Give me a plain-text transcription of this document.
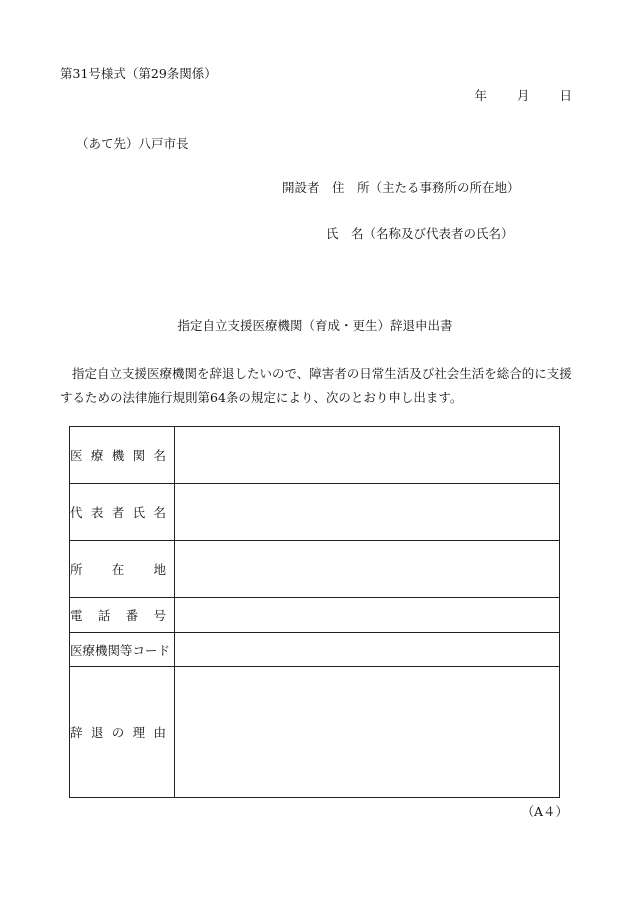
第31号様式（第29条関係）
年 月 日
（あて先）八戸市長
開設者　住　所（主たる事務所の所在地）
氏　名（名称及び代表者の氏名）
指定自立支援医療機関（育成・更生）辞退申出書
指定自立支援医療機関を辞退したいので、障害者の日常生活及び社会生活を総合的に支援するための法律施行規則第64条の規定により、次のとおり申し出ます。
医療機関名	

代表者氏名	

所在地	

電話番号	

医療機関等コード	

辞退の理由	

（A４）
